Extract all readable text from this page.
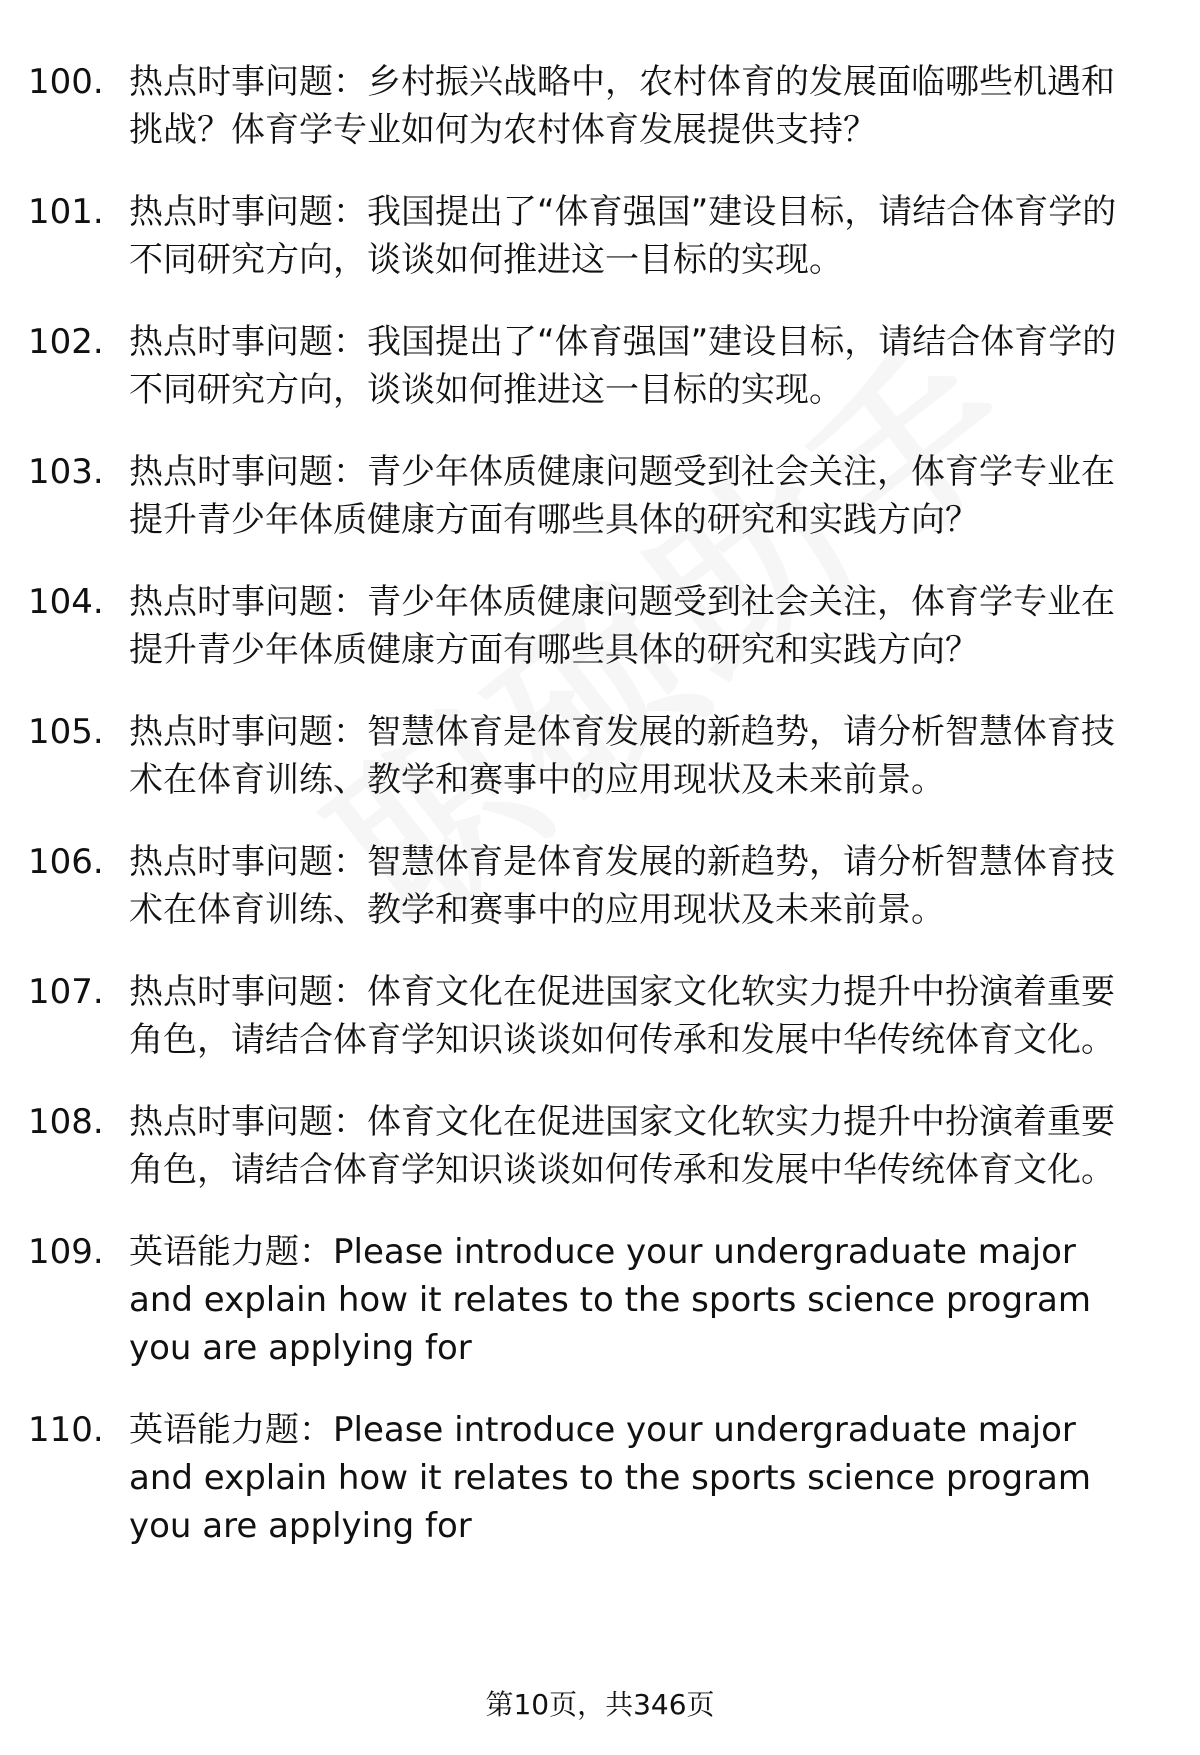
100. 热点时事问题：乡村振兴战略中，农村体育的发展面临哪些机遇和挑战？体育学专业如何为农村体育发展提供支持？
101. 热点时事问题：我国提出了“体育强国”建设目标，请结合体育学的不同研究方向，谈谈如何推进这一目标的实现。
102. 热点时事问题：我国提出了“体育强国”建设目标，请结合体育学的不同研究方向，谈谈如何推进这一目标的实现。
103. 热点时事问题：青少年体质健康问题受到社会关注，体育学专业在提升青少年体质健康方面有哪些具体的研究和实践方向？
104. 热点时事问题：青少年体质健康问题受到社会关注，体育学专业在提升青少年体质健康方面有哪些具体的研究和实践方向？
105. 热点时事问题：智慧体育是体育发展的新趋势，请分析智慧体育技术在体育训练、教学和赛事中的应用现状及未来前景。
106. 热点时事问题：智慧体育是体育发展的新趋势，请分析智慧体育技术在体育训练、教学和赛事中的应用现状及未来前景。
107. 热点时事问题：体育文化在促进国家文化软实力提升中扮演着重要角色，请结合体育学知识谈谈如何传承和发展中华传统体育文化。
108. 热点时事问题：体育文化在促进国家文化软实力提升中扮演着重要角色，请结合体育学知识谈谈如何传承和发展中华传统体育文化。
109. 英语能力题：Please introduce your undergraduate major and explain how it relates to the sports science program you are applying for
110. 英语能力题：Please introduce your undergraduate major and explain how it relates to the sports science program you are applying for
第10页，共346页
